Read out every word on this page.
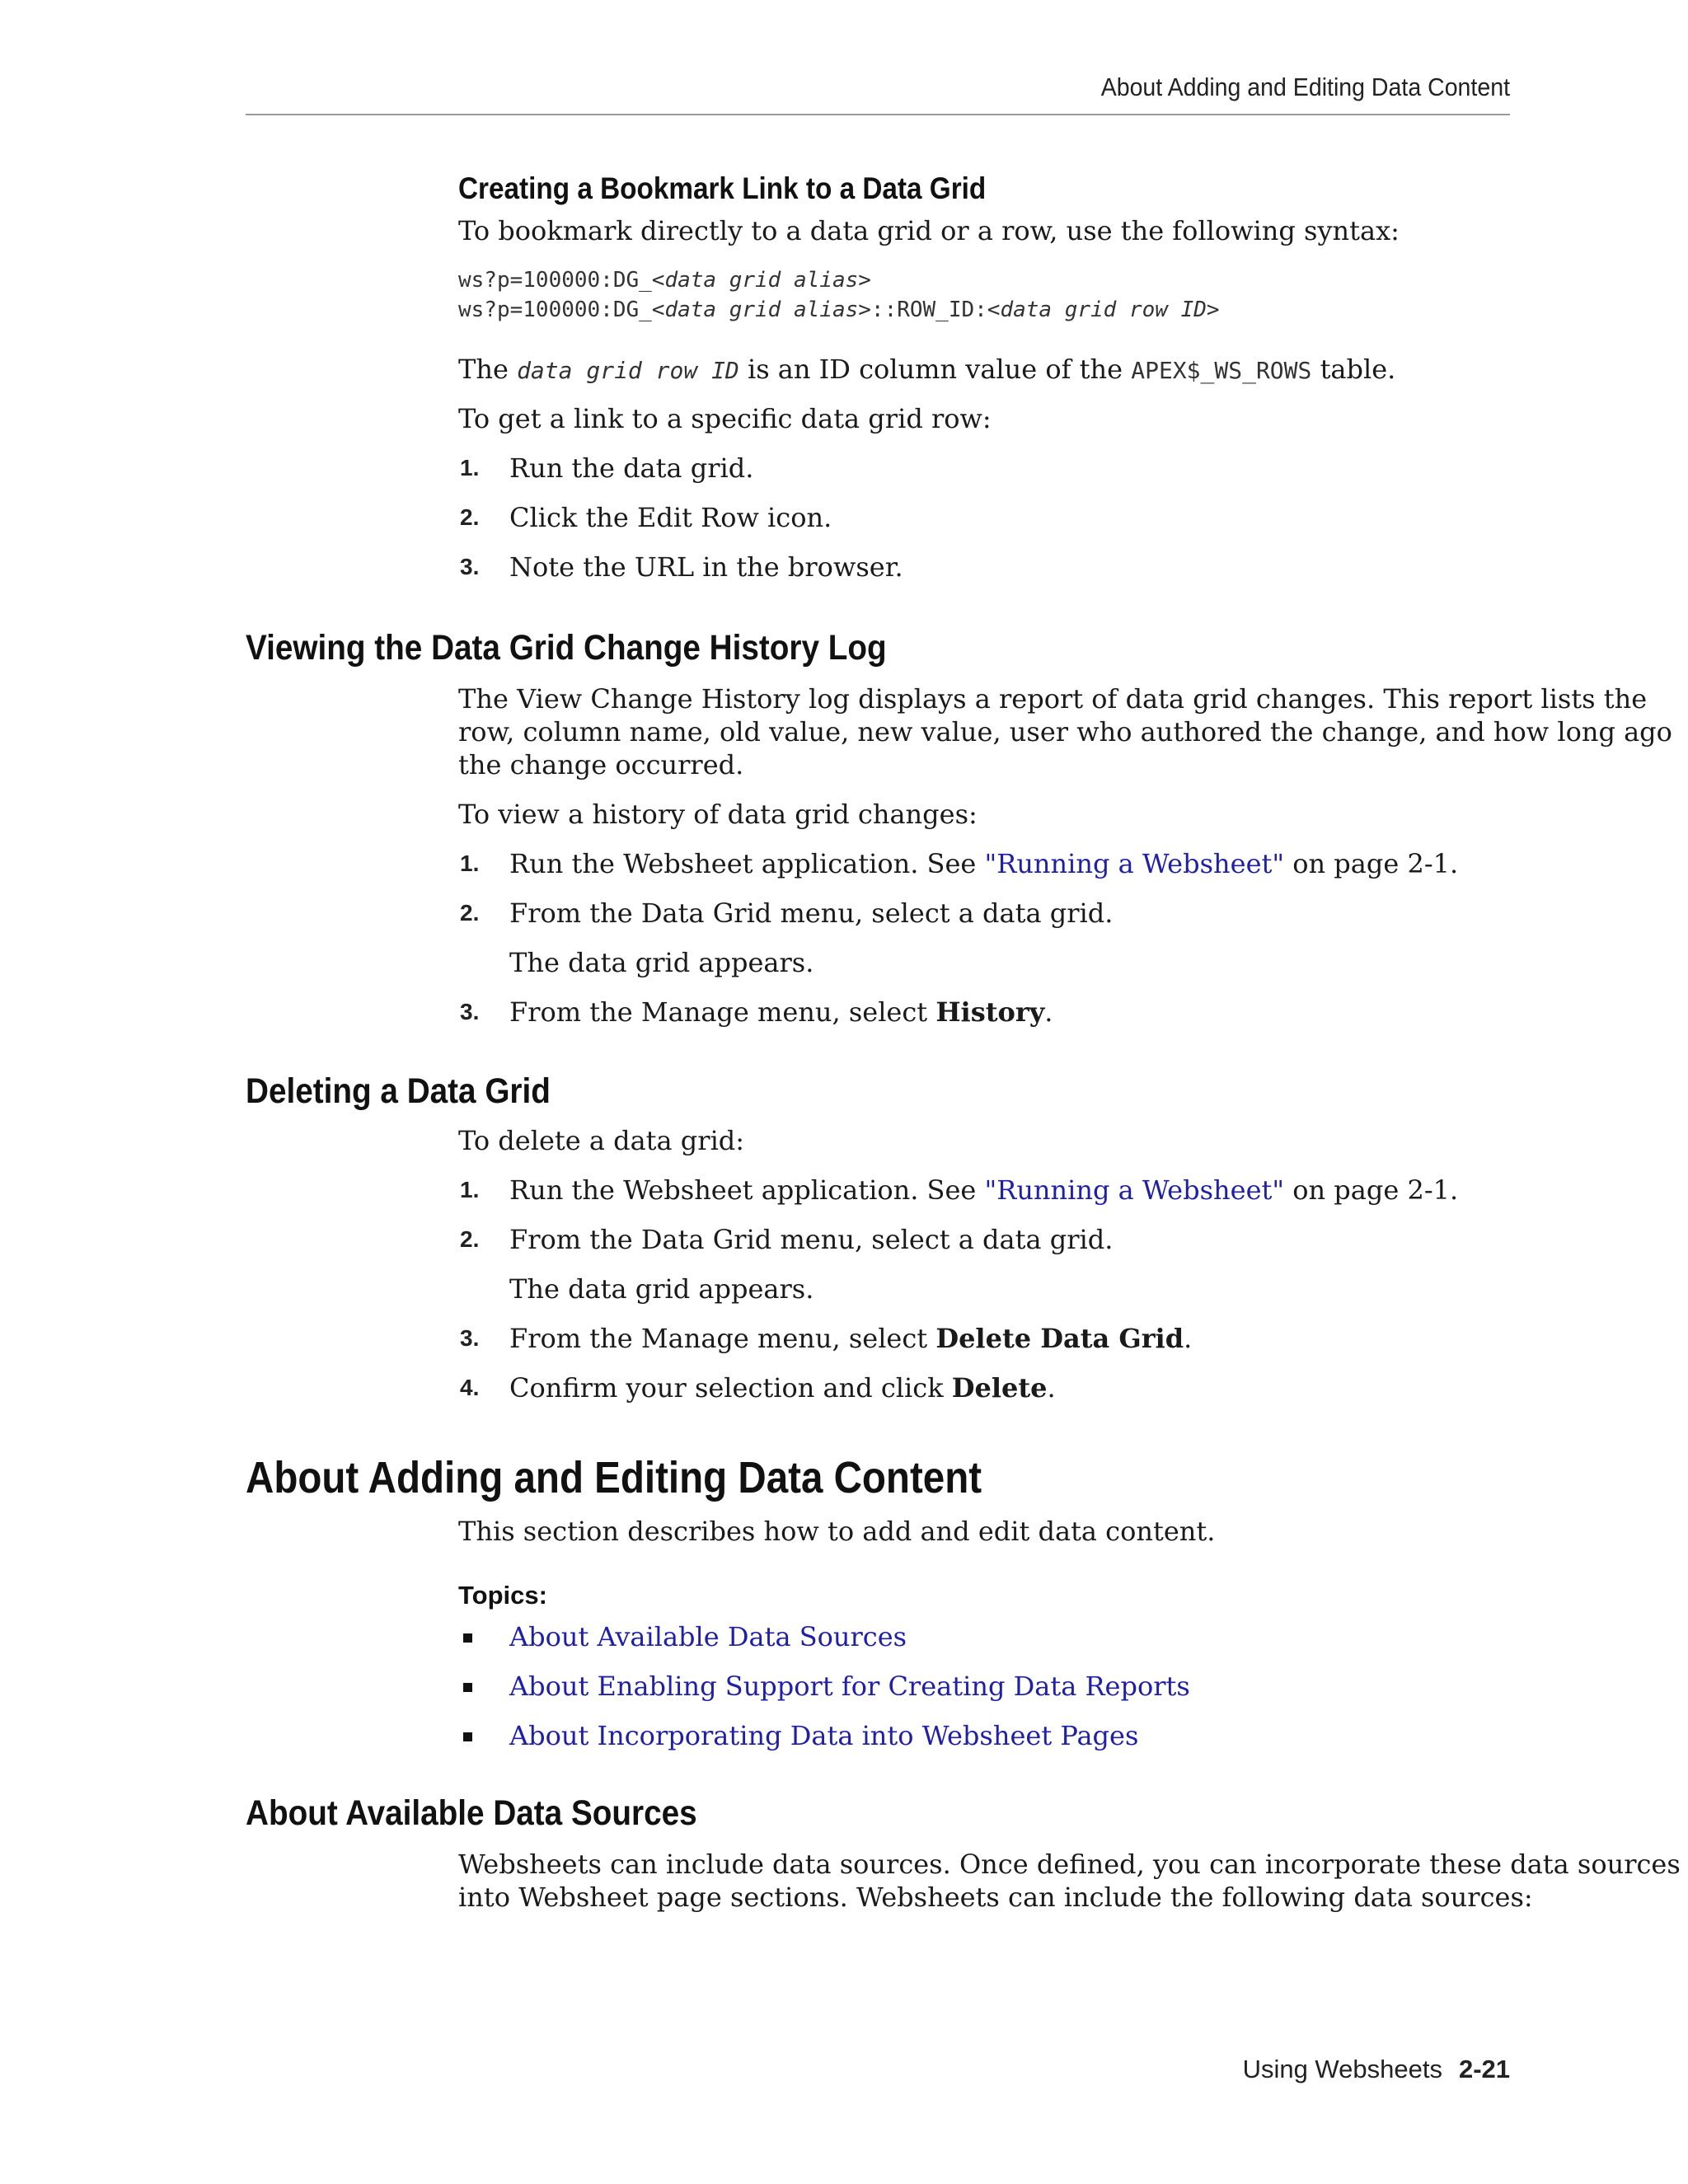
About Adding and Editing Data Content
Creating a Bookmark Link to a Data Grid

To bookmark directly to a data grid or a row, use the following syntax:

ws?p=100000:DG_<data grid alias>
ws?p=100000:DG_<data grid alias>::ROW_ID:<data grid row ID>

The data grid row ID is an ID column value of the APEX$_WS_ROWS table.

To get a link to a specific data grid row:

1. Run the data grid.
2. Click the Edit Row icon.
3. Note the URL in the browser.
Viewing the Data Grid Change History Log

The View Change History log displays a report of data grid changes. This report lists the row, column name, old value, new value, user who authored the change, and how long ago the change occurred.

To view a history of data grid changes:

1. Run the Websheet application. See "Running a Websheet" on page 2-1.
2. From the Data Grid menu, select a data grid.
The data grid appears.
3. From the Manage menu, select History.
Deleting a Data Grid

To delete a data grid:

1. Run the Websheet application. See "Running a Websheet" on page 2-1.
2. From the Data Grid menu, select a data grid.
The data grid appears.
3. From the Manage menu, select Delete Data Grid.
4. Confirm your selection and click Delete.
About Adding and Editing Data Content

This section describes how to add and edit data content.

Topics:
About Available Data Sources
About Enabling Support for Creating Data Reports
About Incorporating Data into Websheet Pages
About Available Data Sources

Websheets can include data sources. Once defined, you can incorporate these data sources into Websheet page sections. Websheets can include the following data sources:

Using Websheets 2-21
